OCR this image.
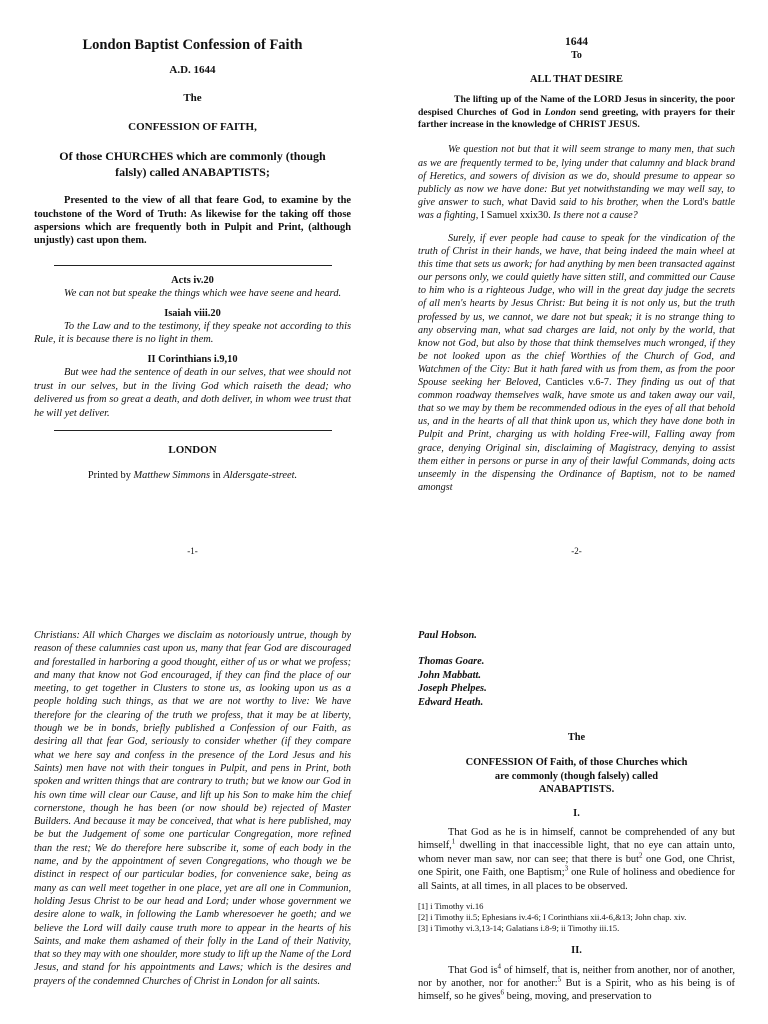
London Baptist Confession of Faith

A.D. 1644

The

CONFESSION OF FAITH,

Of those CHURCHES which are commonly (though falsly) called ANABAPTISTS;

Presented to the view of all that feare God, to examine by the touchstone of the Word of Truth: As likewise for the taking off those aspersions which are frequently both in Pulpit and Print, (although unjustly) cast upon them.

Acts iv.20

We can not but speake the things which wee have seene and heard.

Isaiah viii.20

To the Law and to the testimony, if they speake not according to this Rule, it is because there is no light in them.

II Corinthians i.9,10

But wee had the sentence of death in our selves, that wee should not trust in our selves, but in the living God which raiseth the dead; who delivered us from so great a death, and doth deliver, in whom wee trust that he will yet deliver.

LONDON

Printed by Matthew Simmons in Aldersgate-street.

-1-

1644

To

ALL THAT DESIRE

The lifting up of the Name of the LORD Jesus in sincerity, the poor despised Churches of God in London send greeting, with prayers for their farther increase in the knowledge of CHRIST JESUS.

We question not but that it will seem strange to many men, that such as we are frequently termed to be, lying under that calumny and black brand of Heretics, and sowers of division as we do, should presume to appear so publicly as now we have done: But yet notwithstanding we may well say, to give answer to such, what David said to his brother, when the Lord's battle was a fighting, I Samuel xxix30. Is there not a cause?

Surely, if ever people had cause to speak for the vindication of the truth of Christ in their hands, we have, that being indeed the main wheel at this time that sets us awork; for had anything by men been transacted against our persons only, we could quietly have sitten still, and committed our Cause to him who is a righteous Judge, who will in the great day judge the secrets of all men's hearts by Jesus Christ: But being it is not only us, but the truth professed by us, we cannot, we dare not but speak; it is no strange thing to any observing man, what sad charges are laid, not only by the world, that know not God, but also by those that think themselves much wronged, if they be not looked upon as the chief Worthies of the Church of God, and Watchmen of the City: But it hath fared with us from them, as from the poor Spouse seeking her Beloved, Canticles v.6-7. They finding us out of that common roadway themselves walk, have smote us and taken away our vail, that so we may by them be recommended odious in the eyes of all that behold us, and in the hearts of all that think upon us, which they have done both in Pulpit and Print, charging us with holding Free-will, Falling away from grace, denying Original sin, disclaiming of Magistracy, denying to assist them either in persons or purse in any of their lawful Commands, doing acts unseemly in the dispensing the Ordinance of Baptism, not to be named amongst

-2-

Christians: All which Charges we disclaim as notoriously untrue, though by reason of these calumnies cast upon us, many that fear God are discouraged and forestalled in harboring a good thought, either of us or what we profess; and many that know not God encouraged, if they can find the place of our meeting, to get together in Clusters to stone us, as looking upon us as a people holding such things, as that we are not worthy to live: We have therefore for the clearing of the truth we profess, that it may be at liberty, though we be in bonds, briefly published a Confession of our Faith, as desiring all that fear God, seriously to consider whether (if they compare what we here say and confess in the presence of the Lord Jesus and his Saints) men have not with their tongues in Pulpit, and pens in Print, both spoken and written things that are contrary to truth; but we know our God in his own time will clear our Cause, and lift up his Son to make him the chief cornerstone, though he has been (or now should be) rejected of Master Builders. And because it may be conceived, that what is here published, may be but the Judgement of some one particular Congregation, more refined than the rest; We do therefore here subscribe it, some of each body in the name, and by the appointment of seven Congregations, who though we be distinct in respect of our particular bodies, for convenience sake, being as many as can well meet together in one place, yet are all one in Communion, holding Jesus Christ to be our head and Lord; under whose government we desire alone to walk, in following the Lamb wheresoever he goeth; and we believe the Lord will daily cause truth more to appear in the hearts of his Saints, and make them ashamed of their folly in the Land of their Nativity, that so they may with one shoulder, more study to lift up the Name of the Lord Jesus, and stand for his appointments and Laws; which is the desires and prayers of the condemned Churches of Christ in London for all saints.

Paul Hobson.

Thomas Goare.

John Mabbatt.

Joseph Phelpes.

Edward Heath.

The

CONFESSION Of Faith, of those Churches which are commonly (though falsely) called ANABAPTISTS.

I.

That God as he is in himself, cannot be comprehended of any but himself,$^1$ dwelling in that inaccessible light, that no eye can attain unto, whom never man saw, nor can see; that there is but$^2$ one God, one Christ, one Spirit, one Faith, one Baptism;$^3$ one Rule of holiness and obedience for all Saints, at all times, in all places to be observed.

[1] i Timothy vi.16

[2] i Timothy ii.5; Ephesians iv.4-6; I Corinthians xii.4-6,&13; John chap. xiv.

[3] i Timothy vi.3,13-14; Galatians i.8-9; ii Timothy iii.15.

II.

That God $is^4$ of himself, that is, neither from another, nor of another, nor by another, nor for another:$^5$ But is a Spirit, who as his being is of himself, so he gives$^6$ being, moving, and preservation to
